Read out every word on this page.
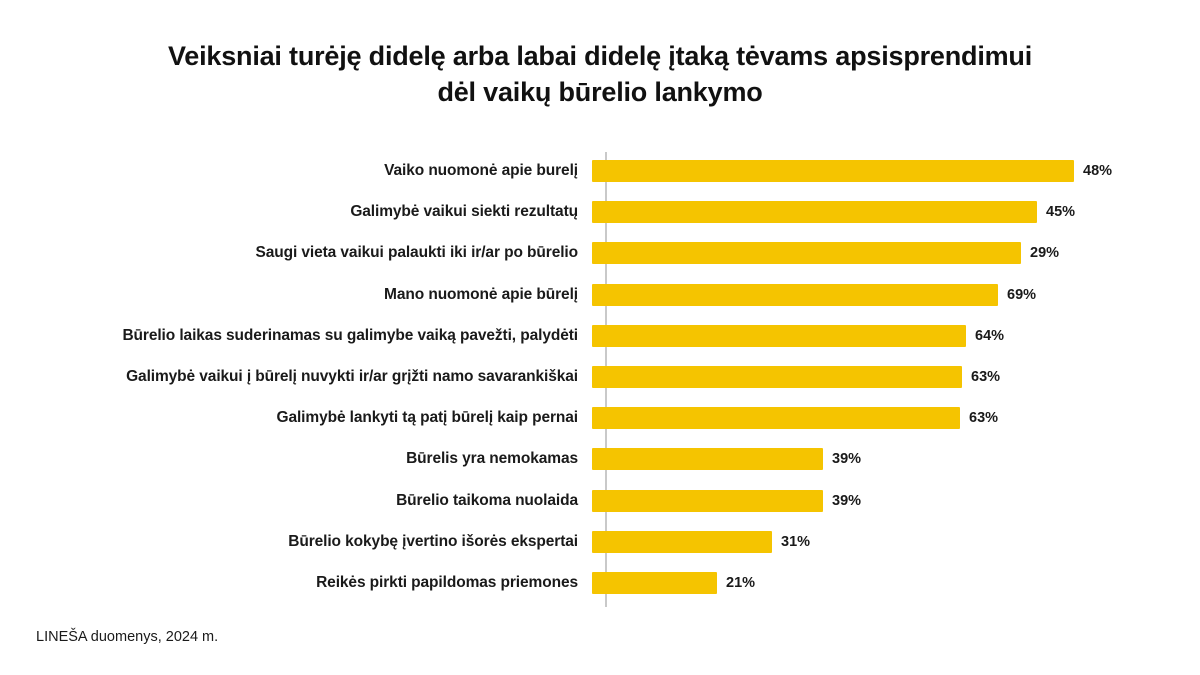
Veiksniai turėję didelę arba labai didelę įtaką tėvams apsisprendimui dėl vaikų būrelio lankymo
Vaiko nuomonė apie burelį	48%
Galimybė vaikui siekti rezultatų	45%
Saugi vieta vaikui palaukti iki ir/ar po būrelio	29%
Mano nuomonė apie būrelį	69%
Būrelio laikas suderinamas su galimybe vaiką pavežti, palydėti	64%
Galimybė vaikui į būrelį nuvykti ir/ar grįžti namo savarankiškai	63%
Galimybė lankyti tą patį būrelį kaip pernai	63%
Būrelis yra nemokamas	39%
Būrelio taikoma nuolaida	39%
Būrelio kokybę įvertino išorės ekspertai	31%
Reikės pirkti papildomas priemones	21%
LINEŠA duomenys, 2024 m.
